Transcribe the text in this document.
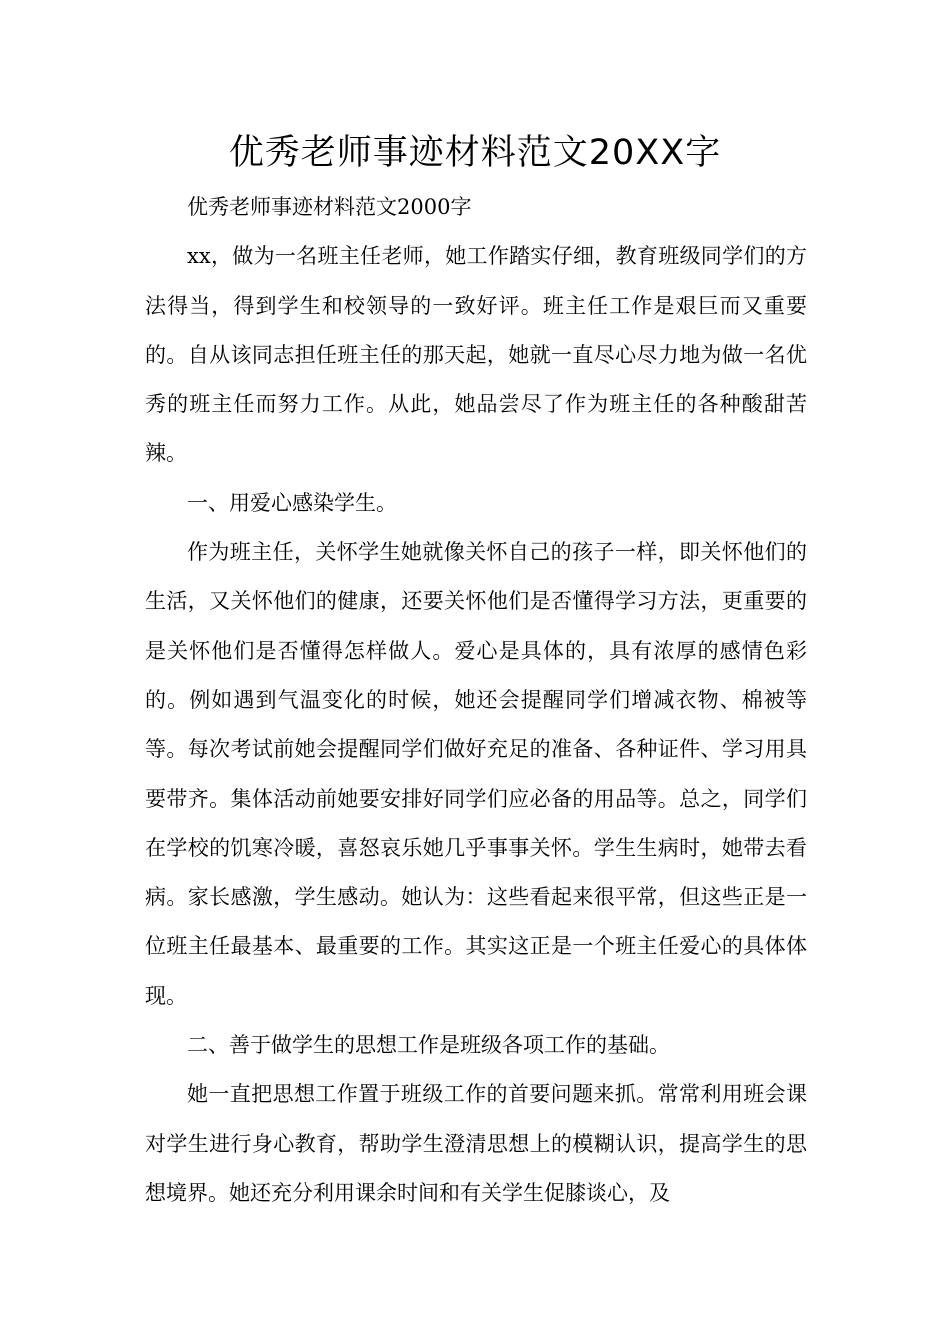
优秀老师事迹材料范文20XX字

优秀老师事迹材料范文2000字

xx，做为一名班主任老师，她工作踏实仔细，教育班级同学们的方法得当，得到学生和校领导的一致好评。班主任工作是艰巨而又重要的。自从该同志担任班主任的那天起，她就一直尽心尽力地为做一名优秀的班主任而努力工作。从此，她品尝尽了作为班主任的各种酸甜苦辣。

一、用爱心感染学生。

作为班主任，关怀学生她就像关怀自己的孩子一样，即关怀他们的生活，又关怀他们的健康，还要关怀他们是否懂得学习方法，更重要的是关怀他们是否懂得怎样做人。爱心是具体的，具有浓厚的感情色彩的。例如遇到气温变化的时候，她还会提醒同学们增减衣物、棉被等等。每次考试前她会提醒同学们做好充足的准备、各种证件、学习用具要带齐。集体活动前她要安排好同学们应必备的用品等。总之，同学们在学校的饥寒冷暖，喜怒哀乐她几乎事事关怀。学生生病时，她带去看病。家长感激，学生感动。她认为：这些看起来很平常，但这些正是一位班主任最基本、最重要的工作。其实这正是一个班主任爱心的具体体现。

二、善于做学生的思想工作是班级各项工作的基础。

她一直把思想工作置于班级工作的首要问题来抓。常常利用班会课对学生进行身心教育，帮助学生澄清思想上的模糊认识，提高学生的思想境界。她还充分利用课余时间和有关学生促膝谈心，及
